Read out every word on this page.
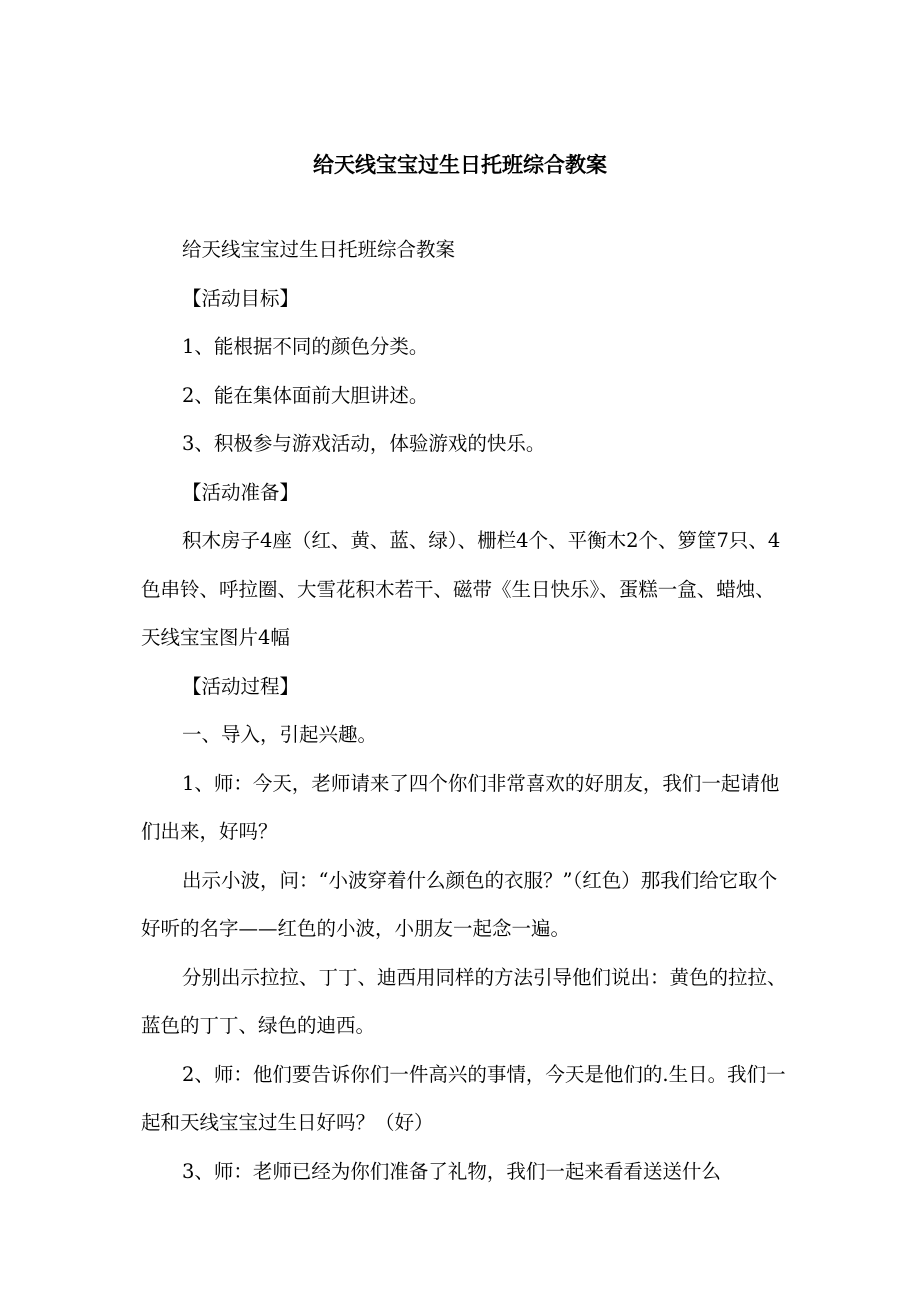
给天线宝宝过生日托班综合教案

给天线宝宝过生日托班综合教案

【活动目标】

1、能根据不同的颜色分类。

2、能在集体面前大胆讲述。

3、积极参与游戏活动，体验游戏的快乐。

【活动准备】

积木房子4座（红、黄、蓝、绿）、栅栏4个、平衡木2个、箩筐7只、4色串铃、呼拉圈、大雪花积木若干、磁带《生日快乐》、蛋糕一盒、蜡烛、天线宝宝图片4幅

【活动过程】

一、导入，引起兴趣。

1、师：今天，老师请来了四个你们非常喜欢的好朋友，我们一起请他们出来，好吗？

出示小波，问：“小波穿着什么颜色的衣服？”（红色）那我们给它取个好听的名字——红色的小波，小朋友一起念一遍。

分别出示拉拉、丁丁、迪西用同样的方法引导他们说出：黄色的拉拉、蓝色的丁丁、绿色的迪西。

2、师：他们要告诉你们一件高兴的事情，今天是他们的.生日。我们一起和天线宝宝过生日好吗？（好）

3、师：老师已经为你们准备了礼物，我们一起来看看送送什么
